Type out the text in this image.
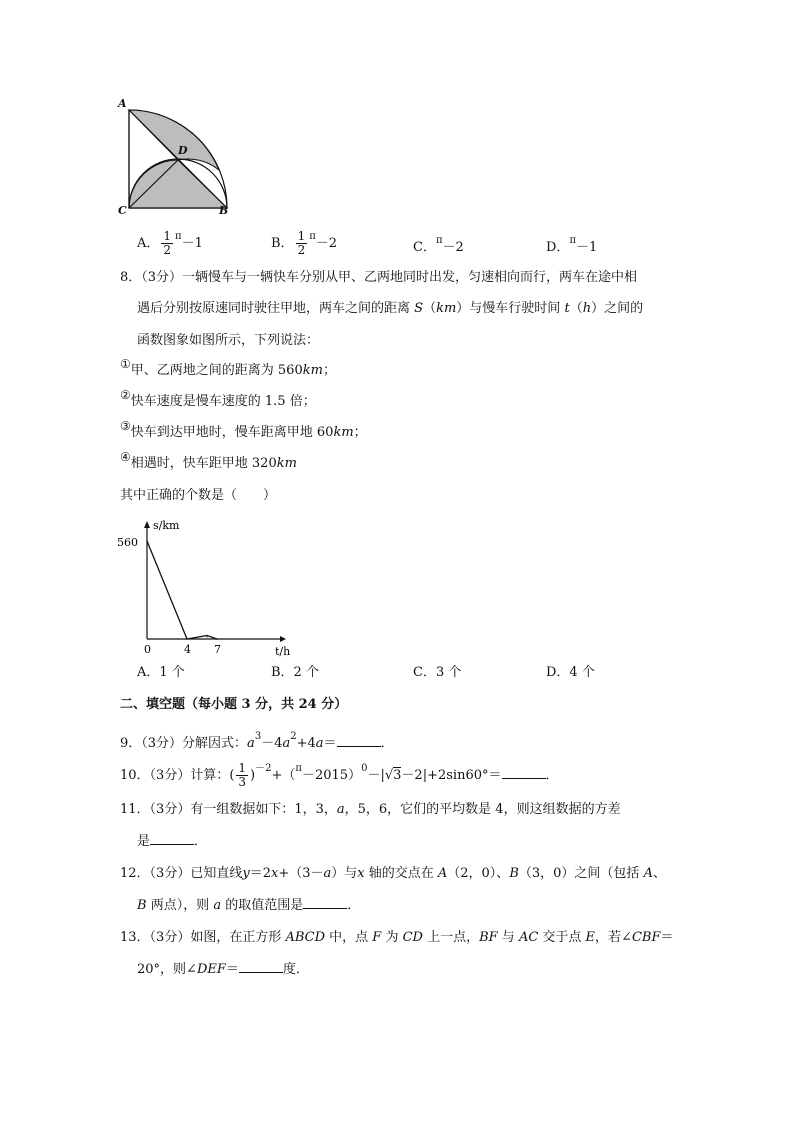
A
D
C	B
A． $\frac{1}{2} ^\pi-1$	B． $\frac{1}{2} ^\pi-2$	C．$^\pi$－2	D．$^\pi$－1
8．（3分）一辆慢车与一辆快车分别从甲、乙两地同时出发，匀速相向而行，两车在途中相
遇后分别按原速同时驶往甲地，两车之间的距离 S（km）与慢车行驶时间 t（h）之间的
函数图象如图所示，下列说法：
①甲、乙两地之间的距离为 560km；
②快车速度是慢车速度的 1.5 倍；
③快车到达甲地时，慢车距离甲地 60km；
④相遇时，快车距甲地 320km
其中正确的个数是（　　）
s/km
t/h
0	4 7
560
A．1 个	B．2 个	C．3 个	D．4 个
二、填空题（每小题 3 分，共 24 分）
9．（3分）分解因式：$a^3-4a^2+4a=$	．
10．（3分）计算：( $\frac{1}{3} )^{-2}+(^\pi-2015)^0-|√3-2|+2\sin 60^\circ=$	．
11．（3分）有一组数据如下：1，3，a，5，6，它们的平均数是 4，则这组数据的方差
是	．
12．（3分）已知直线y＝2x+（3－a）与x 轴的交点在 A（2，0）、B（3，0）之间（包括 A、
B 两点），则 a 的取值范围是	．
13．（3分）如图，在正方形 ABCD 中，点 F 为 CD 上一点，BF 与 AC 交于点 E，若∠CBF＝
20°，则∠DEF＝	度．
